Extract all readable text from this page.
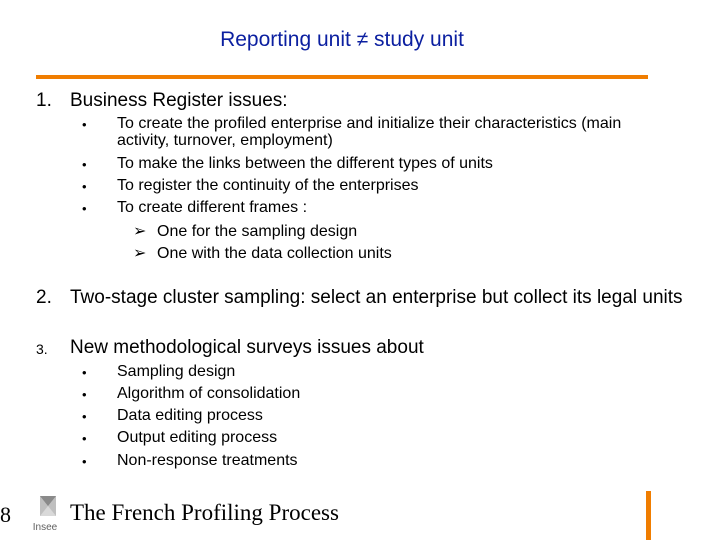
Reporting unit ≠ study unit
1. Business Register issues:
• To create the profiled enterprise and initialize their characteristics (main
activity, turnover, employment)
• To make the links between the different types of units
• To register the continuity of the enterprises
• To create different frames :
➢ One for the sampling design
➢ One with the data collection units
2. Two-stage cluster sampling: select an enterprise but collect its legal units
3. New methodological surveys issues about
• Sampling design
• Algorithm of consolidation
• Data editing process
• Output editing process
• Non-response treatments
8
Insee
The French Profiling Process
